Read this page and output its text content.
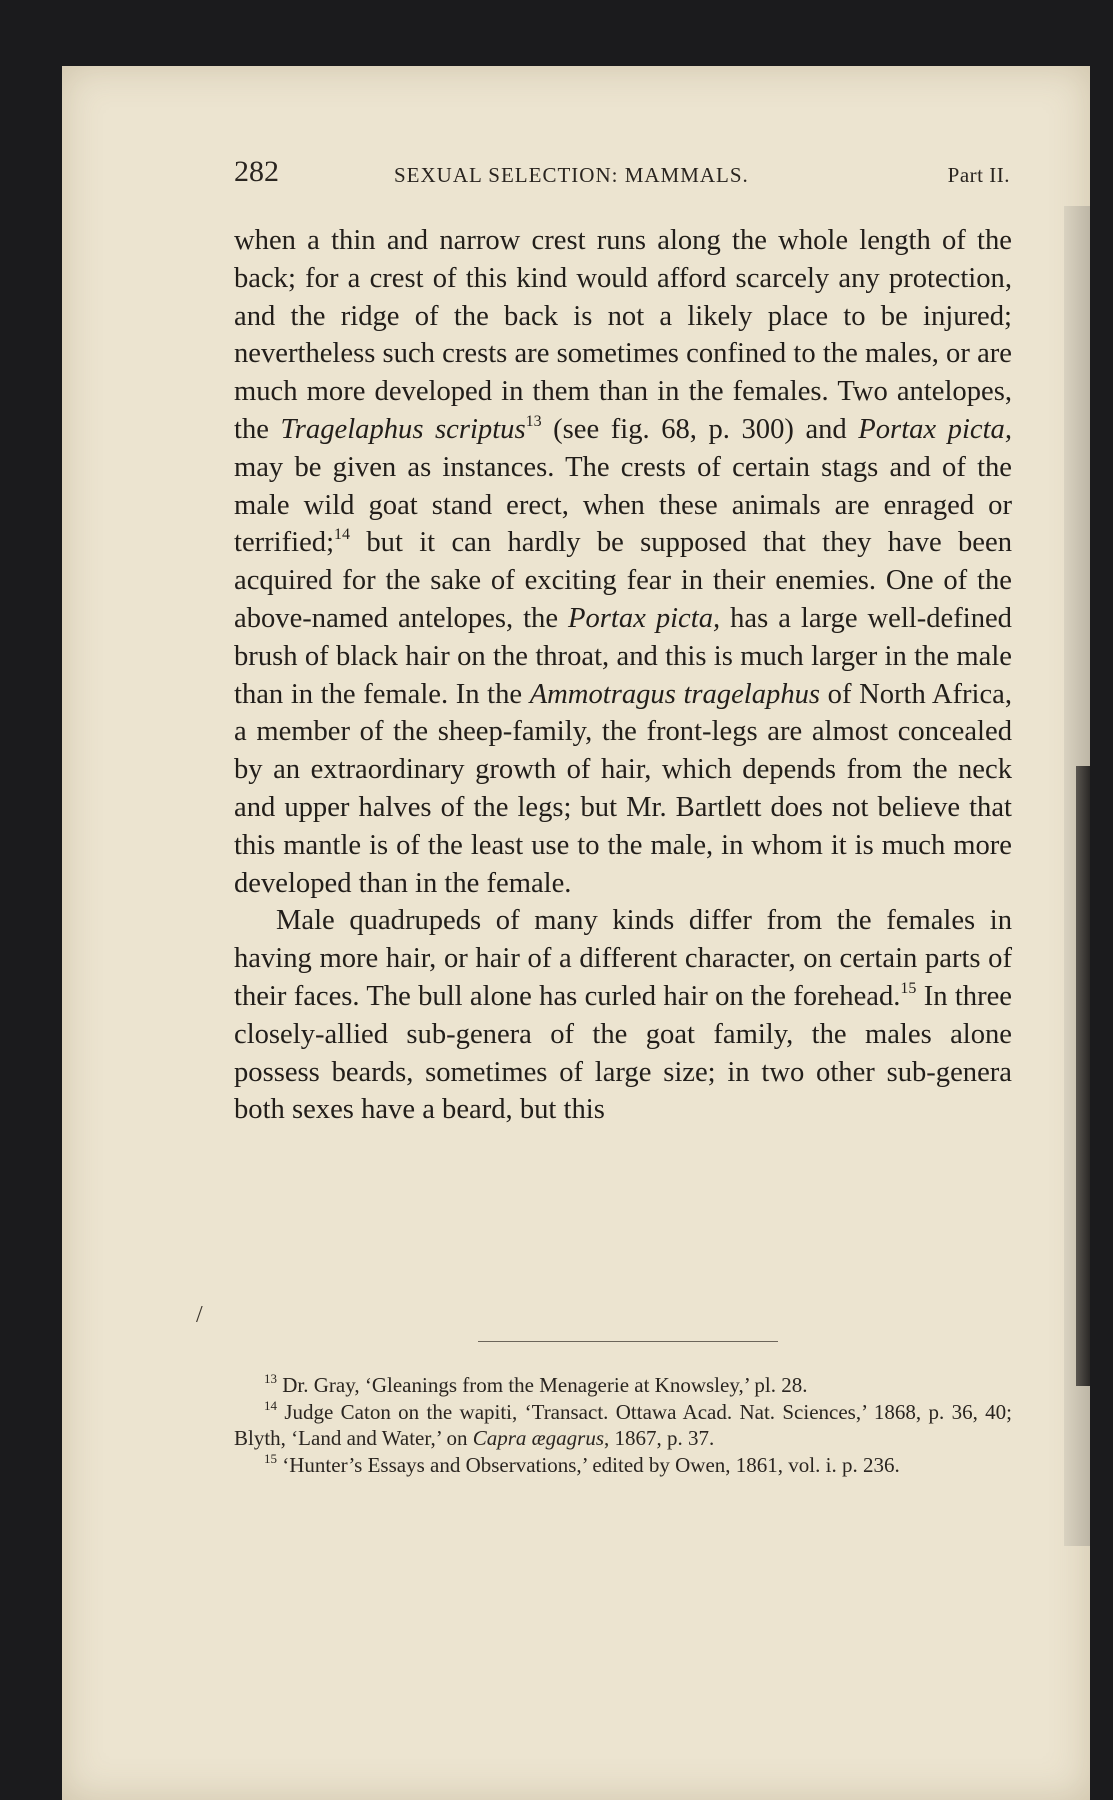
282	SEXUAL SELECTION: MAMMALS.	Part II.

when a thin and narrow crest runs along the whole length of the back; for a crest of this kind would afford scarcely any protection, and the ridge of the back is not a likely place to be injured; nevertheless such crests are sometimes confined to the males, or are much more developed in them than in the females. Two antelopes, the Tragelaphus scriptus$^{13}$ (see fig. 68, p. 300) and Portax picta, may be given as instances. The crests of certain stags and of the male wild goat stand erect, when these animals are enraged or terrified;$^{14}$ but it can hardly be supposed that they have been acquired for the sake of exciting fear in their enemies. One of the above-named antelopes, the Portax picta, has a large well-defined brush of black hair on the throat, and this is much larger in the male than in the female. In the Ammotragus tragelaphus of North Africa, a member of the sheep-family, the front-legs are almost concealed by an extraordinary growth of hair, which depends from the neck and upper halves of the legs; but Mr. Bartlett does not believe that this mantle is of the least use to the male, in whom it is much more developed than in the female.

Male quadrupeds of many kinds differ from the females in having more hair, or hair of a different character, on certain parts of their faces. The bull alone has curled hair on the forehead.$^{15}$ In three closely-allied sub-genera of the goat family, the males alone possess beards, sometimes of large size; in two other sub-genera both sexes have a beard, but this

/

$^{13}$ Dr. Gray, ‘Gleanings from the Menagerie at Knowsley,’ pl. 28.

$^{14}$ Judge Caton on the wapiti, ‘Transact. Ottawa Acad. Nat. Sciences,’ 1868, p. 36, 40; Blyth, ‘Land and Water,’ on Capra ægagrus, 1867, p. 37.

$^{15}$ ‘Hunter’s Essays and Observations,’ edited by Owen, 1861, vol. i. p. 236.
